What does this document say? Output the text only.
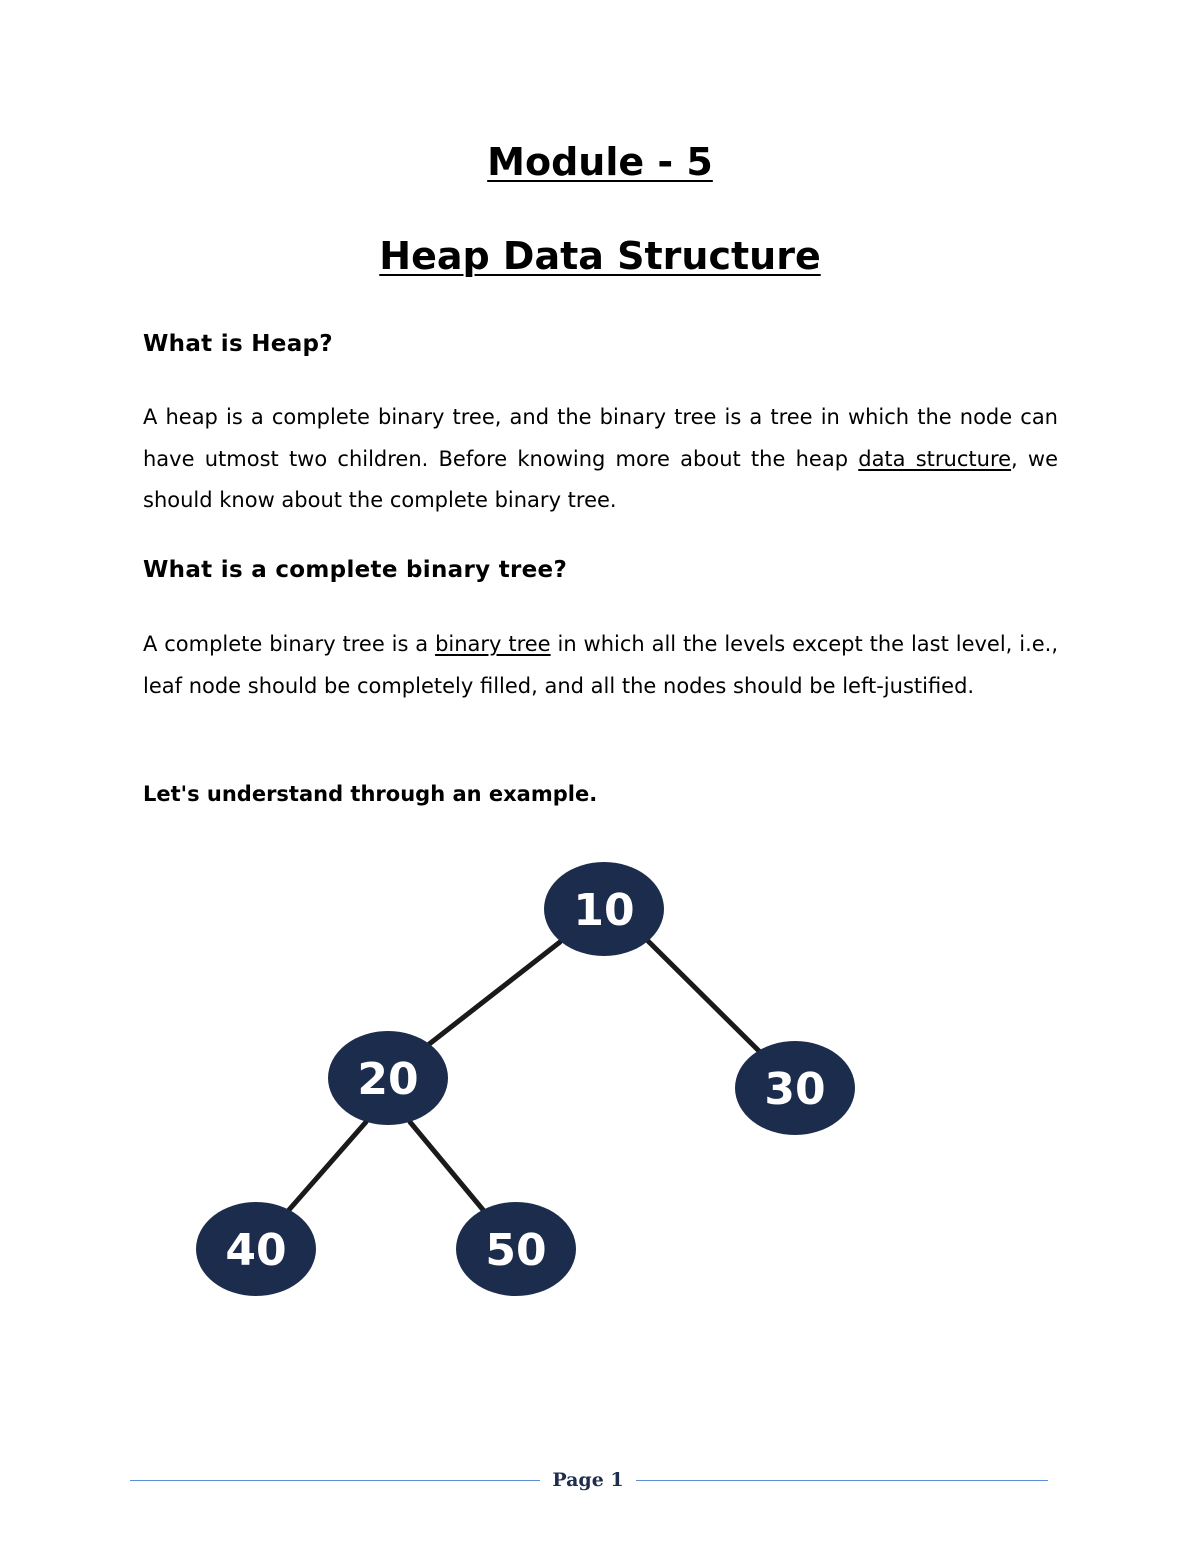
Module - 5
Heap Data Structure
What is Heap?

A heap is a complete binary tree, and the binary tree is a tree in which the node can have utmost two children. Before knowing more about the heap data structure, we should know about the complete binary tree.

What is a complete binary tree?

A complete binary tree is a binary tree in which all the levels except the last level, i.e., leaf node should be completely filled, and all the nodes should be left-justified.

Let's understand through an example.

10
20	30
40	50
Page 1
